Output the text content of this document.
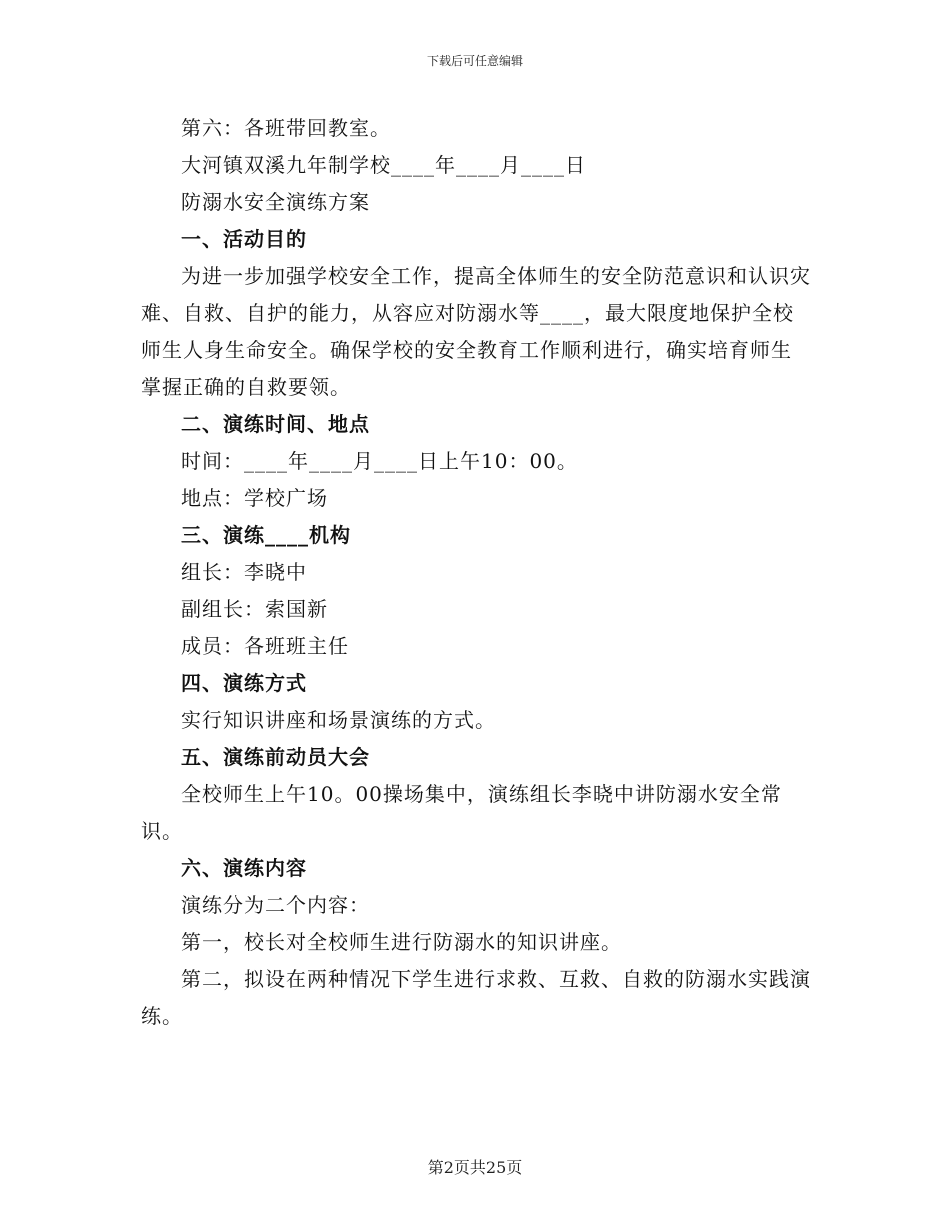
下载后可任意编辑

第六：各班带回教室。

大河镇双溪九年制学校____年____月____日

防溺水安全演练方案

一、活动目的

为进一步加强学校安全工作，提高全体师生的安全防范意识和认识灾难、自救、自护的能力，从容应对防溺水等____，最大限度地保护全校师生人身生命安全。确保学校的安全教育工作顺利进行，确实培育师生掌握正确的自救要领。

二、演练时间、地点

时间：____年____月____日上午10：00。

地点：学校广场

三、演练____机构

组长：李晓中

副组长：索国新

成员：各班班主任

四、演练方式

实行知识讲座和场景演练的方式。

五、演练前动员大会

全校师生上午10。00操场集中，演练组长李晓中讲防溺水安全常识。

六、演练内容

演练分为二个内容：

第一，校长对全校师生进行防溺水的知识讲座。

第二，拟设在两种情况下学生进行求救、互救、自救的防溺水实践演练。

第2页共25页
